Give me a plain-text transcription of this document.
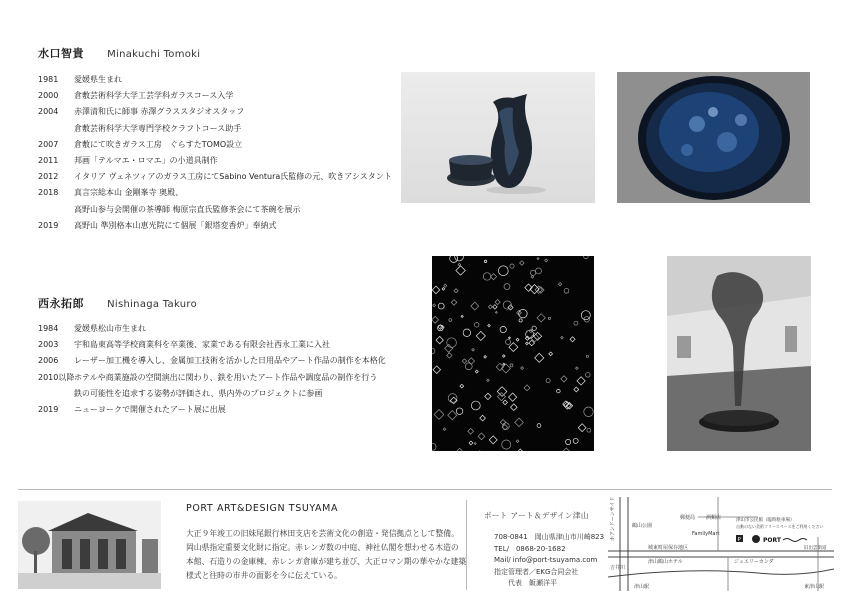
水口智貴 Minakuchi Tomoki
1981	愛媛県生まれ
2000	倉敷芸術科学大学工芸学科ガラスコース入学
2004	赤澤清和氏に師事 赤澤グラススタジオスタッフ
倉敷芸術科学大学専門学校クラフトコース助手
2007	倉敷にて吹きガラス工房　ぐらすたTOMO設立
2011	邦画「テルマエ・ロマエ」の小道具制作
2012	イタリア ヴェネツィアのガラス工房にてSabino Ventura氏監修の元、吹きアシスタント
2018	真言宗総本山 金剛峯寺 奥殿、
高野山参与会開催の茶導師 梅原宗直氏監修茶会にて茶碗を展示
2019	高野山 準別格本山恵光院にて個展「銀塔変香炉」奉納式
西永拓郎 Nishinaga Takuro
1984	愛媛県松山市生まれ
2003	宇和島東高等学校商業科を卒業後、家業である有限会社西永工業に入社
2006	レーザー加工機を導入し、金属加工技術を活かした日用品やアート作品の制作を本格化
2010以降 ホテルや商業施設の空間演出に関わり、鉄を用いたアート作品や調度品の制作を行う
鉄の可能性を追求する姿勢が評価され、県内外のプロジェクトに参画
2019	ニューヨークで開催されたアート展に出展
PORT ART&DESIGN TSUYAMA
大正９年竣工の旧妹尾銀行林田支店を芸術文化の創造・発信拠点として整備。
岡山県指定重要文化財に指定。赤レンガ数の中庭、神社仏閣を想わせる木造の
本館、石造りの金庫棟、赤レンガ倉庫が建ち並び、大正ロマン期の華やかな建築
様式と往時の市井の面影を今に伝えている。
ポート アート＆デザイン津山
708-0841　岡山県津山市川崎823
TEL/　0868-20-1682
Mail/ info@port-tsuyama.com
指定管理者／EKG合同会社
代表　飯瀬洋平
ホアンドーンサイド	鶴山公園
郵便局 酒類店
FamilyMart
津山市公民館（臨時駐車場）
自動のない美術フリースペースをご利用ください
城東町屋保存地区
津山鶴山ホテル	ジュエリーカンダ
PORT
旧出雲街道
吉井川
津山駅	東津山駅
P
